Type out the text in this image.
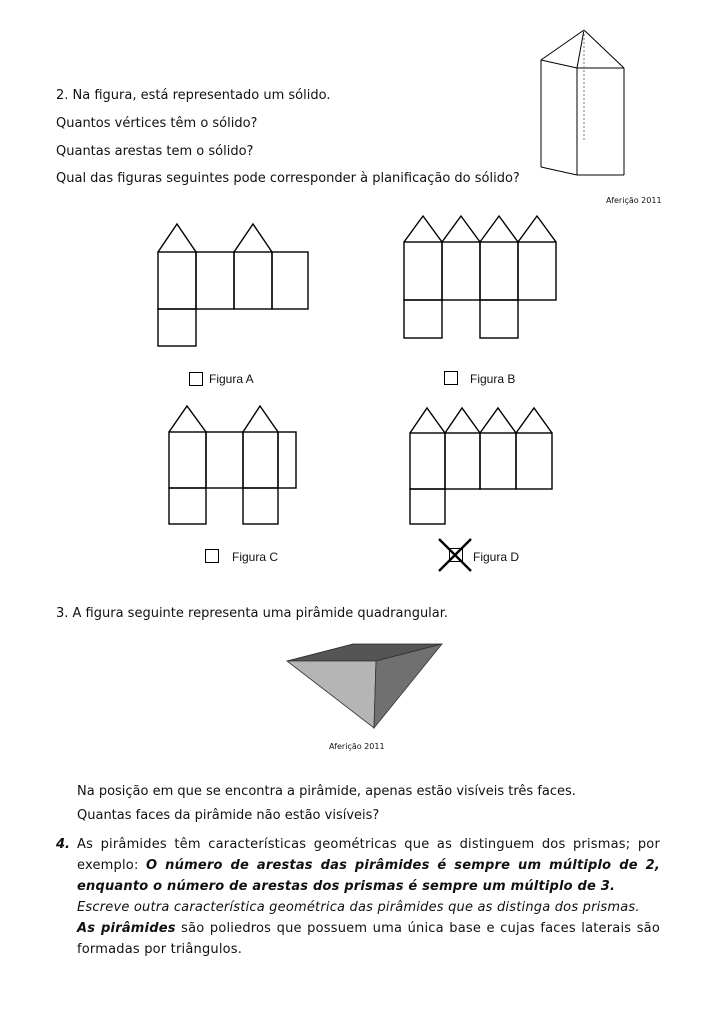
2. Na figura, está representado um sólido.
Quantos vértices têm o sólido?
Quantas arestas tem o sólido?
Qual das figuras seguintes pode corresponder à planificação do sólido?
Aferição 2011
Figura A	Figura B
Figura C	Figura D
3. A figura seguinte representa uma pirâmide quadrangular.
Aferição 2011
Na posição em que se encontra a pirâmide, apenas estão visíveis três faces.
Quantas faces da pirâmide não estão visíveis?
4. As pirâmides têm características geométricas que as distinguem dos prismas; por exemplo: O número de arestas das pirâmides é sempre um múltiplo de 2, enquanto o número de arestas dos prismas é sempre um múltiplo de 3.
Escreve outra característica geométrica das pirâmides que as distinga dos prismas.
As pirâmides são poliedros que possuem uma única base e cujas faces laterais são formadas por triângulos.
